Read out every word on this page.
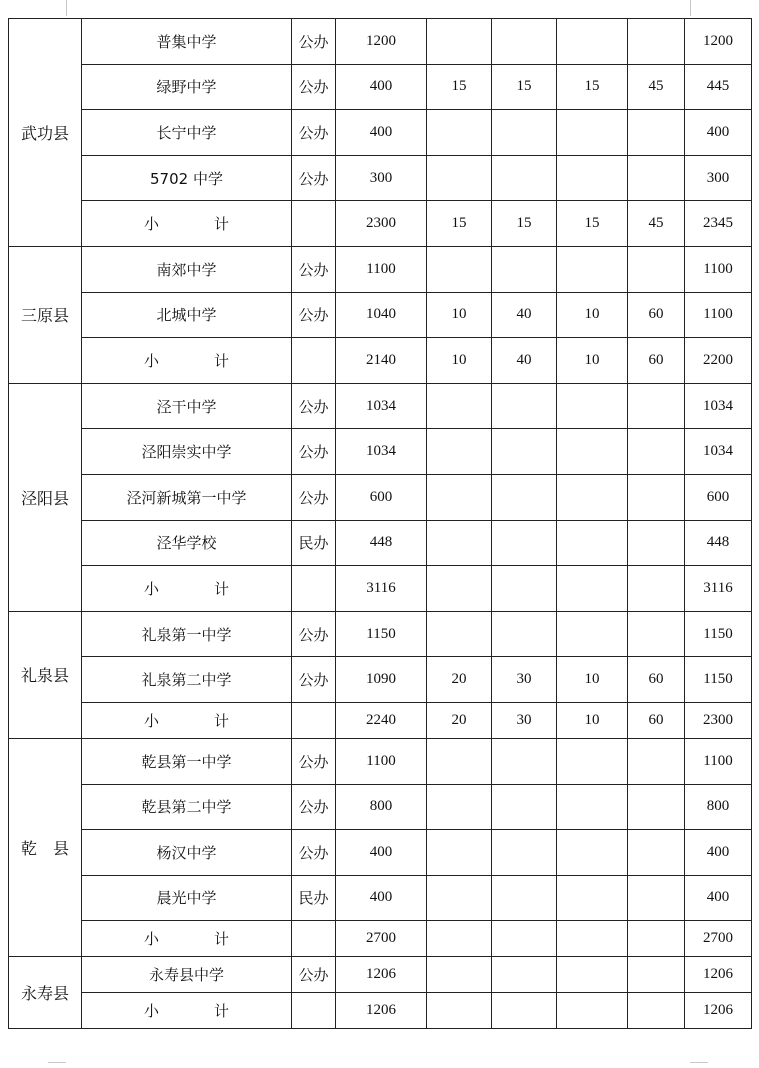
武功县	普集中学	公办	1200					1200
	绿野中学	公办	400	15	15	15	45	445
	长宁中学	公办	400					400
	5702 中学	公办	300					300
	小　计		2300	15	15	15	45	2345
三原县	南郊中学	公办	1100					1100
	北城中学	公办	1040	10	40	10	60	1100
	小　计		2140	10	40	10	60	2200
泾阳县	泾干中学	公办	1034					1034
	泾阳崇实中学	公办	1034					1034
	泾河新城第一中学	公办	600					600
	泾华学校	民办	448					448
	小　计		3116					3116
礼泉县	礼泉第一中学	公办	1150					1150
	礼泉第二中学	公办	1090	20	30	10	60	1150
	小　计		2240	20	30	10	60	2300
乾　县	乾县第一中学	公办	1100					1100
	乾县第二中学	公办	800					800
	杨汉中学	公办	400					400
	晨光中学	民办	400					400
	小　计		2700					2700
永寿县	永寿县中学	公办	1206					1206
	小　计		1206					1206
